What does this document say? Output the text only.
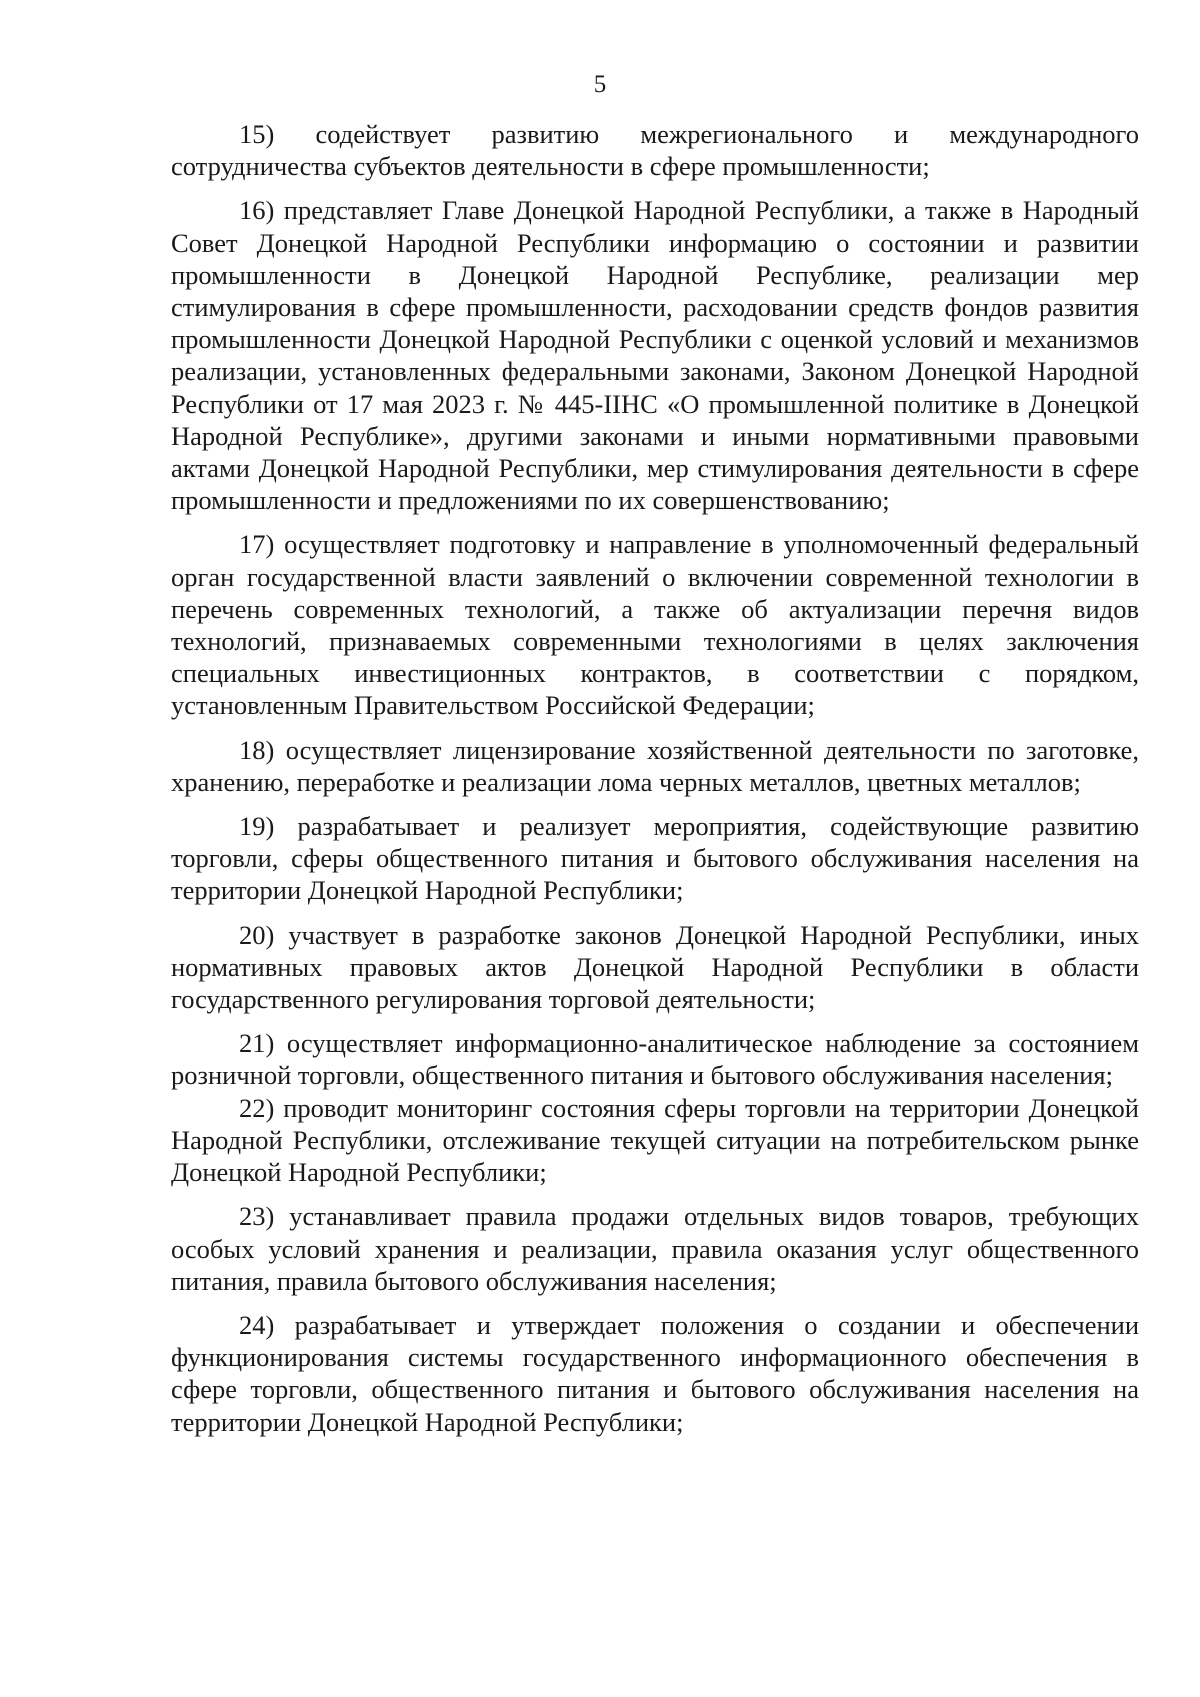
5

15) содействует развитию межрегионального и международного сотрудничества субъектов деятельности в сфере промышленности;

16) представляет Главе Донецкой Народной Республики, а также в Народный Совет Донецкой Народной Республики информацию о состоянии и развитии промышленности в Донецкой Народной Республике, реализации мер стимулирования в сфере промышленности, расходовании средств фондов развития промышленности Донецкой Народной Республики с оценкой условий и механизмов реализации, установленных федеральными законами, Законом Донецкой Народной Республики от 17 мая 2023 г. № 445-IIНС «О промышленной политике в Донецкой Народной Республике», другими законами и иными нормативными правовыми актами Донецкой Народной Республики, мер стимулирования деятельности в сфере промышленности и предложениями по их совершенствованию;

17) осуществляет подготовку и направление в уполномоченный федеральный орган государственной власти заявлений о включении современной технологии в перечень современных технологий, а также об актуализации перечня видов технологий, признаваемых современными технологиями в целях заключения специальных инвестиционных контрактов, в соответствии с порядком, установленным Правительством Российской Федерации;

18) осуществляет лицензирование хозяйственной деятельности по заготовке, хранению, переработке и реализации лома черных металлов, цветных металлов;

19) разрабатывает и реализует мероприятия, содействующие развитию торговли, сферы общественного питания и бытового обслуживания населения на территории Донецкой Народной Республики;

20) участвует в разработке законов Донецкой Народной Республики, иных нормативных правовых актов Донецкой Народной Республики в области государственного регулирования торговой деятельности;

21) осуществляет информационно-аналитическое наблюдение за состоянием розничной торговли, общественного питания и бытового обслуживания населения;

22) проводит мониторинг состояния сферы торговли на территории Донецкой Народной Республики, отслеживание текущей ситуации на потребительском рынке Донецкой Народной Республики;

23) устанавливает правила продажи отдельных видов товаров, требующих особых условий хранения и реализации, правила оказания услуг общественного питания, правила бытового обслуживания населения;

24) разрабатывает и утверждает положения о создании и обеспечении функционирования системы государственного информационного обеспечения в сфере торговли, общественного питания и бытового обслуживания населения на территории Донецкой Народной Республики;
